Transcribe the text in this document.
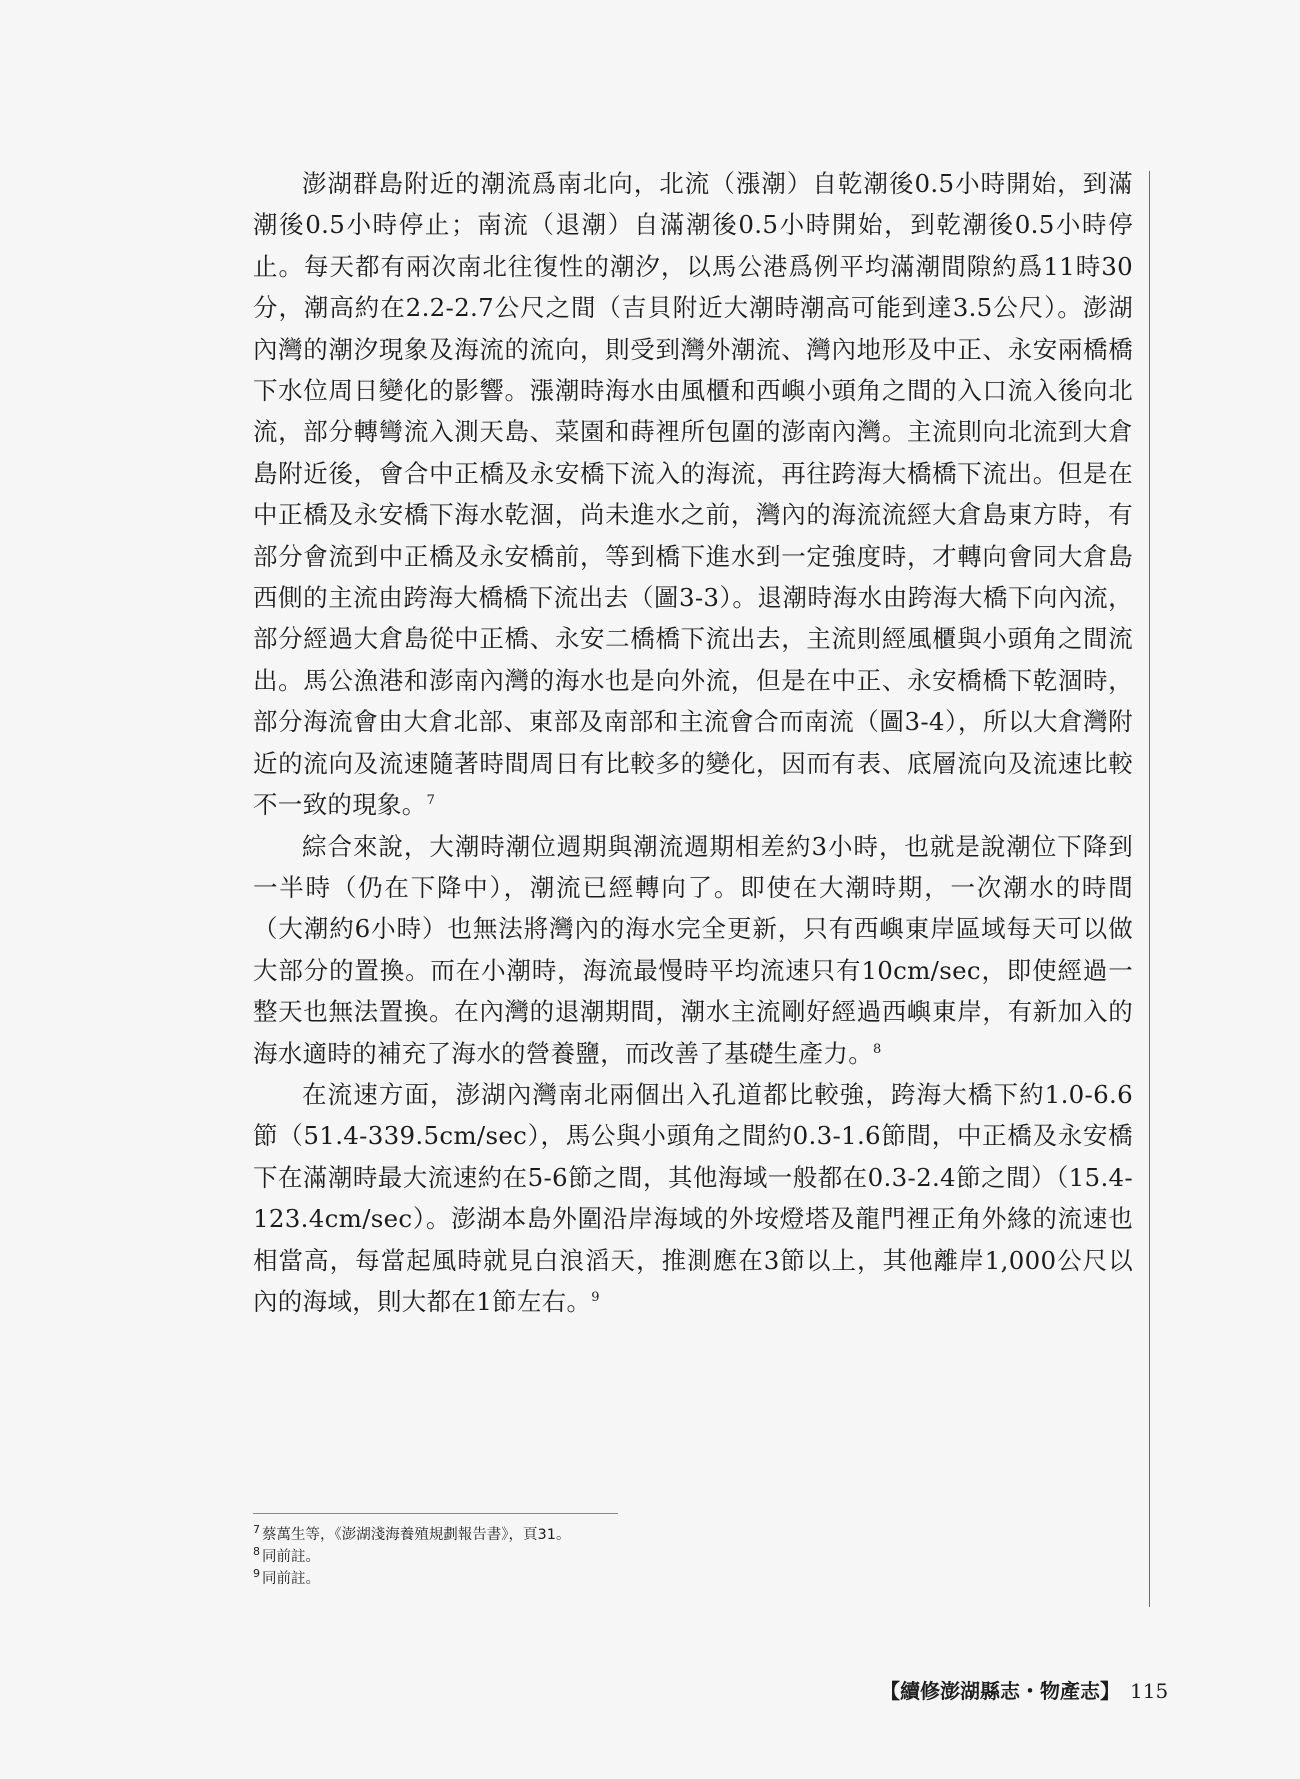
澎湖群島附近的潮流爲南北向，北流（漲潮）自乾潮後0.5小時開始，到滿潮後0.5小時停止；南流（退潮）自滿潮後0.5小時開始，到乾潮後0.5小時停止。每天都有兩次南北往復性的潮汐，以馬公港爲例平均滿潮間隙約爲11時30分，潮高約在2.2-2.7公尺之間（吉貝附近大潮時潮高可能到達3.5公尺）。澎湖內灣的潮汐現象及海流的流向，則受到灣外潮流、灣內地形及中正、永安兩橋橋下水位周日變化的影響。漲潮時海水由風櫃和西嶼小頭角之間的入口流入後向北流，部分轉彎流入測天島、菜園和蒔裡所包圍的澎南內灣。主流則向北流到大倉島附近後，會合中正橋及永安橋下流入的海流，再往跨海大橋橋下流出。但是在中正橋及永安橋下海水乾涸，尚未進水之前，灣內的海流流經大倉島東方時，有部分會流到中正橋及永安橋前，等到橋下進水到一定強度時，才轉向會同大倉島西側的主流由跨海大橋橋下流出去（圖3-3）。退潮時海水由跨海大橋下向內流，部分經過大倉島從中正橋、永安二橋橋下流出去，主流則經風櫃與小頭角之間流出。馬公漁港和澎南內灣的海水也是向外流，但是在中正、永安橋橋下乾涸時，部分海流會由大倉北部、東部及南部和主流會合而南流（圖3-4），所以大倉灣附近的流向及流速隨著時間周日有比較多的變化，因而有表、底層流向及流速比較不一致的現象。$^7$

綜合來說，大潮時潮位週期與潮流週期相差約3小時，也就是說潮位下降到一半時（仍在下降中），潮流已經轉向了。即使在大潮時期，一次潮水的時間（大潮約6小時）也無法將灣內的海水完全更新，只有西嶼東岸區域每天可以做大部分的置換。而在小潮時，海流最慢時平均流速只有10cm/sec，即使經過一整天也無法置換。在內灣的退潮期間，潮水主流剛好經過西嶼東岸，有新加入的海水適時的補充了海水的營養鹽，而改善了基礎生產力。$^8$

在流速方面，澎湖內灣南北兩個出入孔道都比較強，跨海大橋下約1.0-6.6節（51.4-339.5cm/sec），馬公與小頭角之間約0.3-1.6節間，中正橋及永安橋下在滿潮時最大流速約在5-6節之間，其他海域一般都在0.3-2.4節之間）（15.4-123.4cm/sec）。澎湖本島外圍沿岸海域的外垵燈塔及龍門裡正角外緣的流速也相當高，每當起風時就見白浪滔天，推測應在3節以上，其他離岸1,000公尺以內的海域，則大都在1節左右。$^9$

$^7$ 蔡萬生等，《澎湖淺海養殖規劃報告書》，頁31。
$^8$ 同前註。
$^9$ 同前註。
【續修澎湖縣志・物產志】 115
